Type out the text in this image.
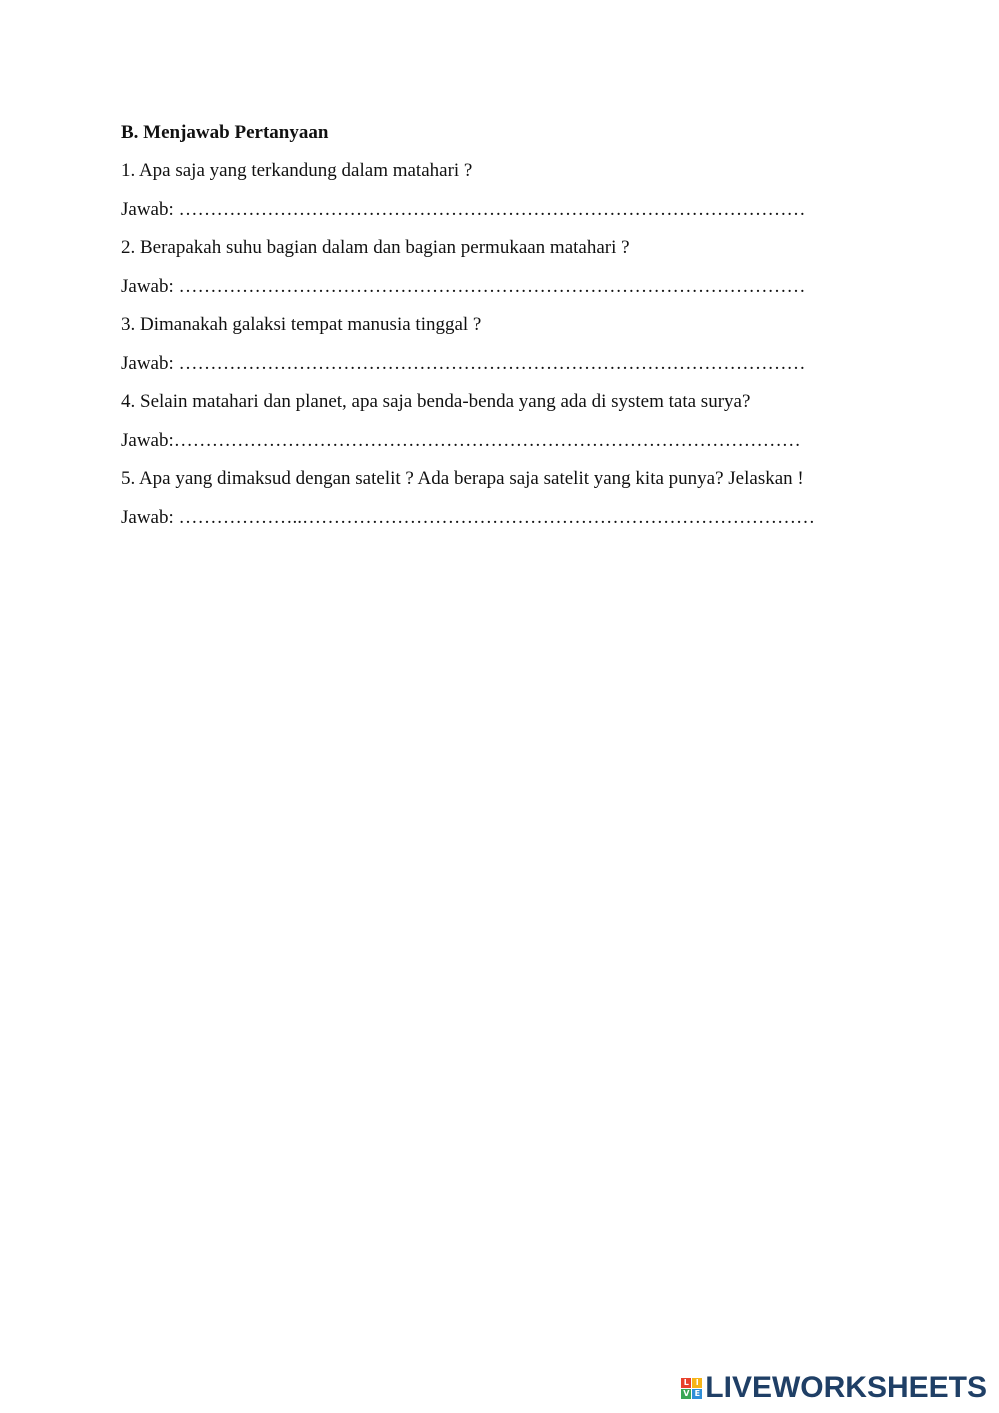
B. Menjawab Pertanyaan
1. Apa saja yang terkandung dalam matahari ?
Jawab: ………………………………………………………………………………………
2. Berapakah suhu bagian dalam dan bagian permukaan matahari ?
Jawab: ………………………………………………………………………………………
3. Dimanakah galaksi tempat manusia tinggal ?
Jawab: ………………………………………………………………………………………
4. Selain matahari dan planet, apa saja benda-benda yang ada di system tata surya?
Jawab:………………………………………………………………………………………
5. Apa yang dimaksud dengan satelit ? Ada berapa saja satelit yang kita punya? Jelaskan !
Jawab: ………………..………………………………………………………………………
L I
V E LIVEWORKSHEETS
